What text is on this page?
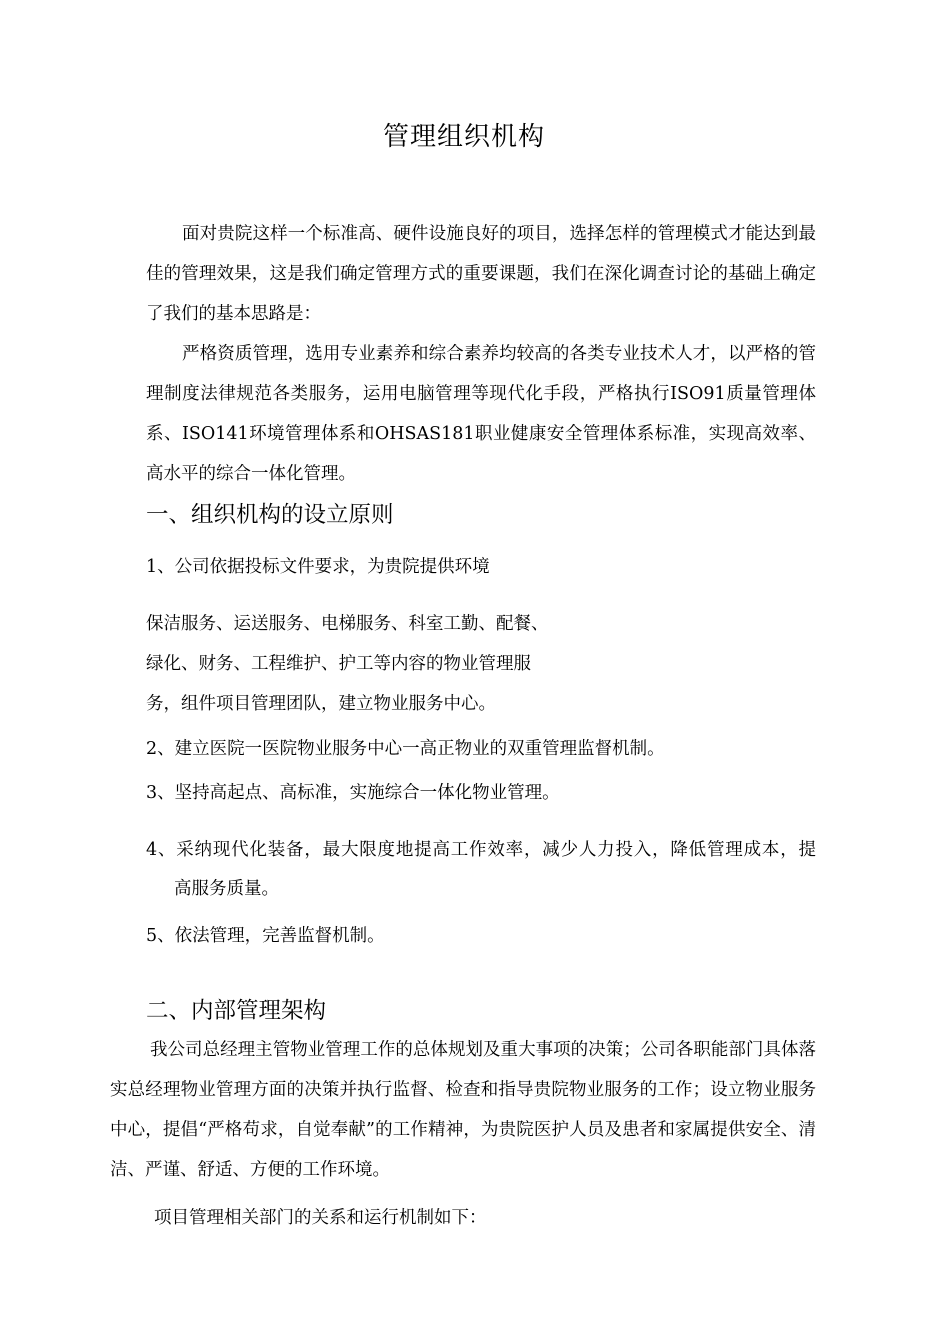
管理组织机构

面对贵院这样一个标准高、硬件设施良好的项目，选择怎样的管理模式才能达到最佳的管理效果，这是我们确定管理方式的重要课题，我们在深化调查讨论的基础上确定了我们的基本思路是：

严格资质管理，选用专业素养和综合素养均较高的各类专业技术人才，以严格的管理制度法律规范各类服务，运用电脑管理等现代化手段，严格执行ISO91质量管理体系、ISO141环境管理体系和OHSAS181职业健康安全管理体系标准，实现高效率、高水平的综合一体化管理。

一、组织机构的设立原则

1、公司依据投标文件要求，为贵院提供环境

保洁服务、运送服务、电梯服务、科室工勤、配餐、

绿化、财务、工程维护、护工等内容的物业管理服

务，组件项目管理团队，建立物业服务中心。

2、建立医院一医院物业服务中心一高正物业的双重管理监督机制。

3、坚持高起点、高标准，实施综合一体化物业管理。

4、采纳现代化装备，最大限度地提高工作效率，减少人力投入，降低管理成本，提

高服务质量。

5、依法管理，完善监督机制。

二、内部管理架构

我公司总经理主管物业管理工作的总体规划及重大事项的决策；公司各职能部门具体落实总经理物业管理方面的决策并执行监督、检查和指导贵院物业服务的工作；设立物业服务中心，提倡“严格苟求，自觉奉献”的工作精神，为贵院医护人员及患者和家属提供安全、清洁、严谨、舒适、方便的工作环境。

项目管理相关部门的关系和运行机制如下：
